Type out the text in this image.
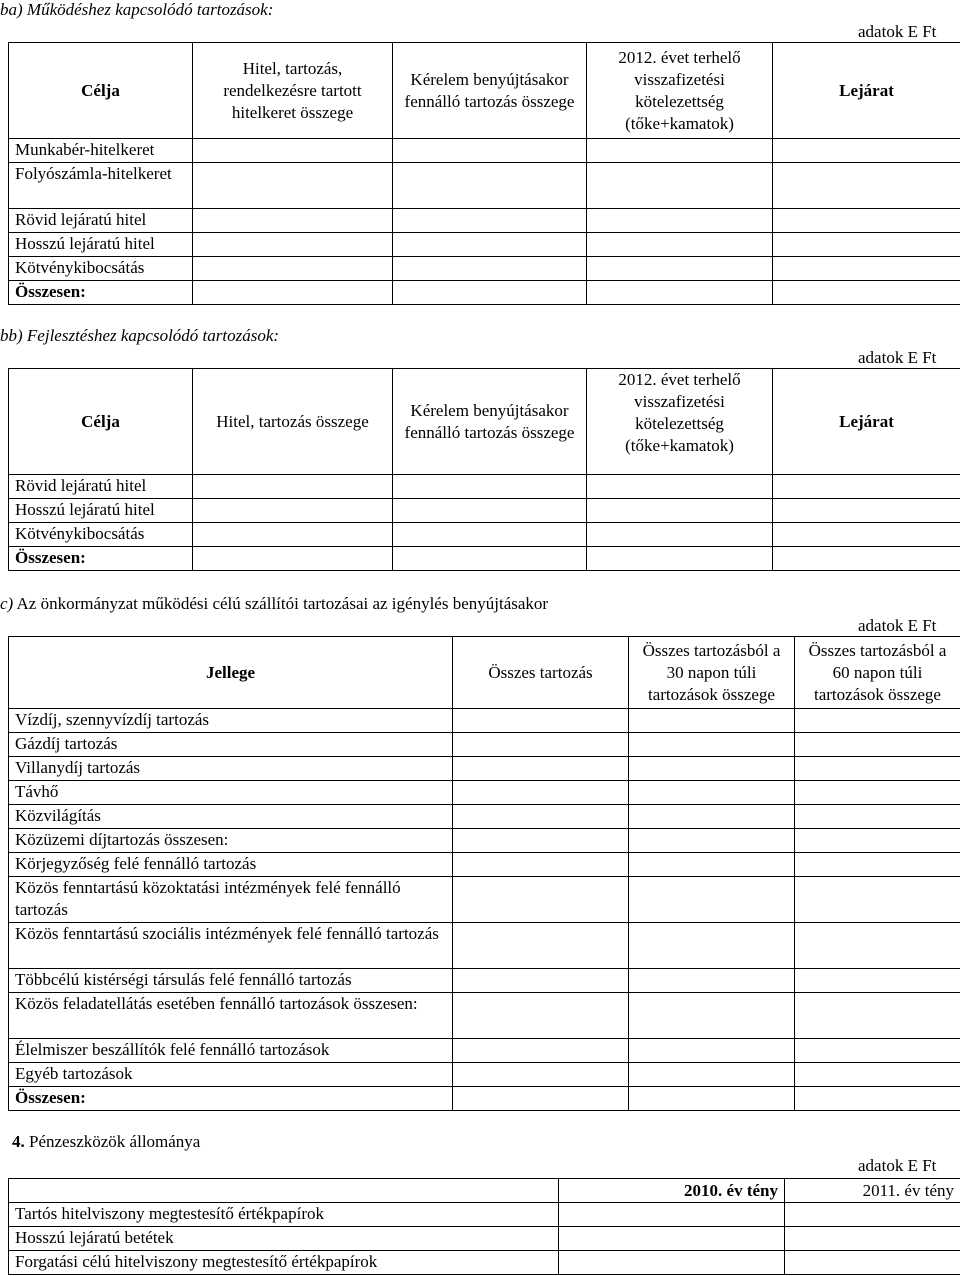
ba) Működéshez kapcsolódó tartozások:
adatok E Ft
Célja	Hitel, tartozás, rendelkezésre tartott hitelkeret összege	Kérelem benyújtásakor fennálló tartozás összege	2012. évet terhelő visszafizetési kötelezettség (tőke+kamatok)	Lejárat
Munkabér-hitelkeret				
Folyószámla-hitelkeret				
Rövid lejáratú hitel				
Hosszú lejáratú hitel				
Kötvénykibocsátás				
Összesen:				
bb) Fejlesztéshez kapcsolódó tartozások:
adatok E Ft
Célja	Hitel, tartozás összege	Kérelem benyújtásakor fennálló tartozás összege	2012. évet terhelő visszafizetési kötelezettség (tőke+kamatok)	Lejárat
Rövid lejáratú hitel				
Hosszú lejáratú hitel				
Kötvénykibocsátás				
Összesen:				
c) Az önkormányzat működési célú szállítói tartozásai az igénylés benyújtásakor
adatok E Ft
Jellege	Összes tartozás	Összes tartozásból a 30 napon túli tartozások összege	Összes tartozásból a 60 napon túli tartozások összege
Vízdíj, szennyvízdíj tartozás			
Gázdíj tartozás			
Villanydíj tartozás			
Távhő			
Közvilágítás			
Közüzemi díjtartozás összesen:			
Körjegyzőség felé fennálló tartozás			
Közös fenntartású közoktatási intézmények felé fennálló tartozás			
Közös fenntartású szociális intézmények felé fennálló tartozás			
Többcélú kistérségi társulás felé fennálló tartozás			
Közös feladatellátás esetében fennálló tartozások összesen:			
Élelmiszer beszállítók felé fennálló tartozások			
Egyéb tartozások			
Összesen:			
4. Pénzeszközök állománya
adatok E Ft
	2010. év tény	2011. év tény
Tartós hitelviszony megtestesítő értékpapírok		
Hosszú lejáratú betétek		
Forgatási célú hitelviszony megtestesítő értékpapírok		
